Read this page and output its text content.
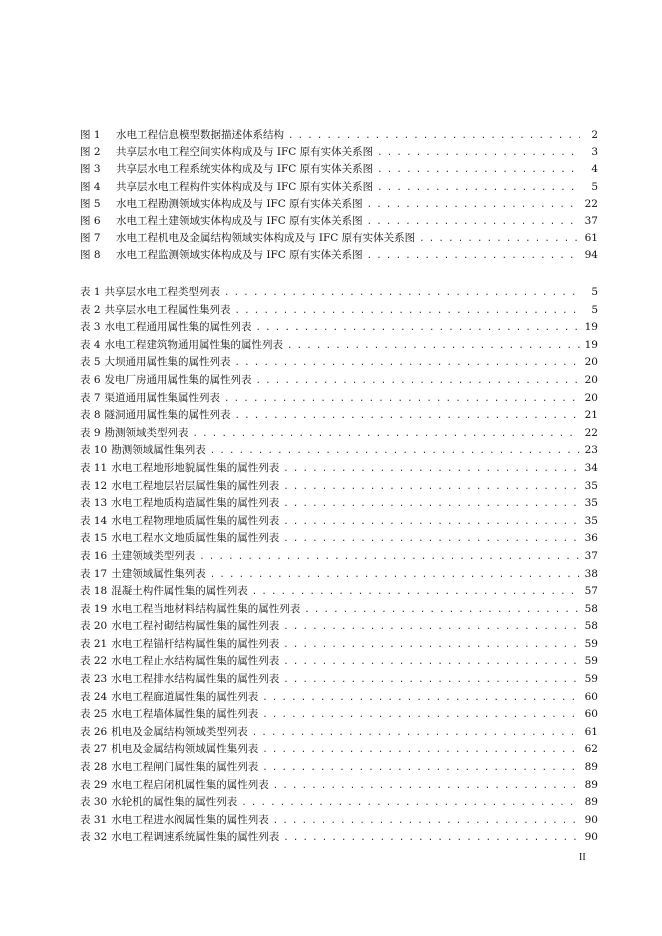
图 1	水电工程信息模型数据描述体系结构 . . .	2
图 2	共享层水电工程空间实体构成及与 IFC 原有实体关系图 . . .	3
图 3	共享层水电工程系统实体构成及与 IFC 原有实体关系图 . . .	4
图 4	共享层水电工程构件实体构成及与 IFC 原有实体关系图 . . .	5
图 5	水电工程勘测领域实体构成及与 IFC 原有实体关系图 . . .	22
图 6	水电工程土建领域实体构成及与 IFC 原有实体关系图 . . .	37
图 7	水电工程机电及金属结构领域实体构成及与 IFC 原有实体关系图 . . .	61
图 8	水电工程监测领域实体构成及与 IFC 原有实体关系图 . . .	94
表 1 共享层水电工程类型列表 . . .	5
表 2 共享层水电工程属性集列表 . . .	5
表 3 水电工程通用属性集的属性列表 . . .	19
表 4 水电工程建筑物通用属性集的属性列表 . . .	19
表 5 大坝通用属性集的属性列表 . . .	20
表 6 发电厂房通用属性集的属性列表 . . .	20
表 7 渠道通用属性集属性列表 . . .	20
表 8 隧洞通用属性集的属性列表 . . .	21
表 9 勘测领域类型列表 . . .	22
表 10 勘测领域属性集列表 . . .	23
表 11 水电工程地形地貌属性集的属性列表 . . .	34
表 12 水电工程地层岩层属性集的属性列表 . . .	35
表 13 水电工程地质构造属性集的属性列表 . . .	35
表 14 水电工程物理地质属性集的属性列表 . . .	35
表 15 水电工程水文地质属性集的属性列表 . . .	36
表 16 土建领域类型列表 . . .	37
表 17 土建领域属性集列表 . . .	38
表 18 混凝土构件属性集的属性列表 . . .	57
表 19 水电工程当地材料结构属性集的属性列表 . . .	58
表 20 水电工程衬砌结构属性集的属性列表 . . .	58
表 21 水电工程锚杆结构属性集的属性列表 . . .	59
表 22 水电工程止水结构属性集的属性列表 . . .	59
表 23 水电工程排水结构属性集的属性列表 . . .	59
表 24 水电工程廊道属性集的属性列表 . . .	60
表 25 水电工程墙体属性集的属性列表 . . .	60
表 26 机电及金属结构领域类型列表 . . .	61
表 27 机电及金属结构领域属性集列表 . . .	62
表 28 水电工程闸门属性集的属性列表 . . .	89
表 29 水电工程启闭机属性集的属性列表 . . .	89
表 30 水轮机的属性集的属性列表 . . .	89
表 31 水电工程进水阀属性集的属性列表 . . .	90
表 32 水电工程调速系统属性集的属性列表 . . .	90
II
